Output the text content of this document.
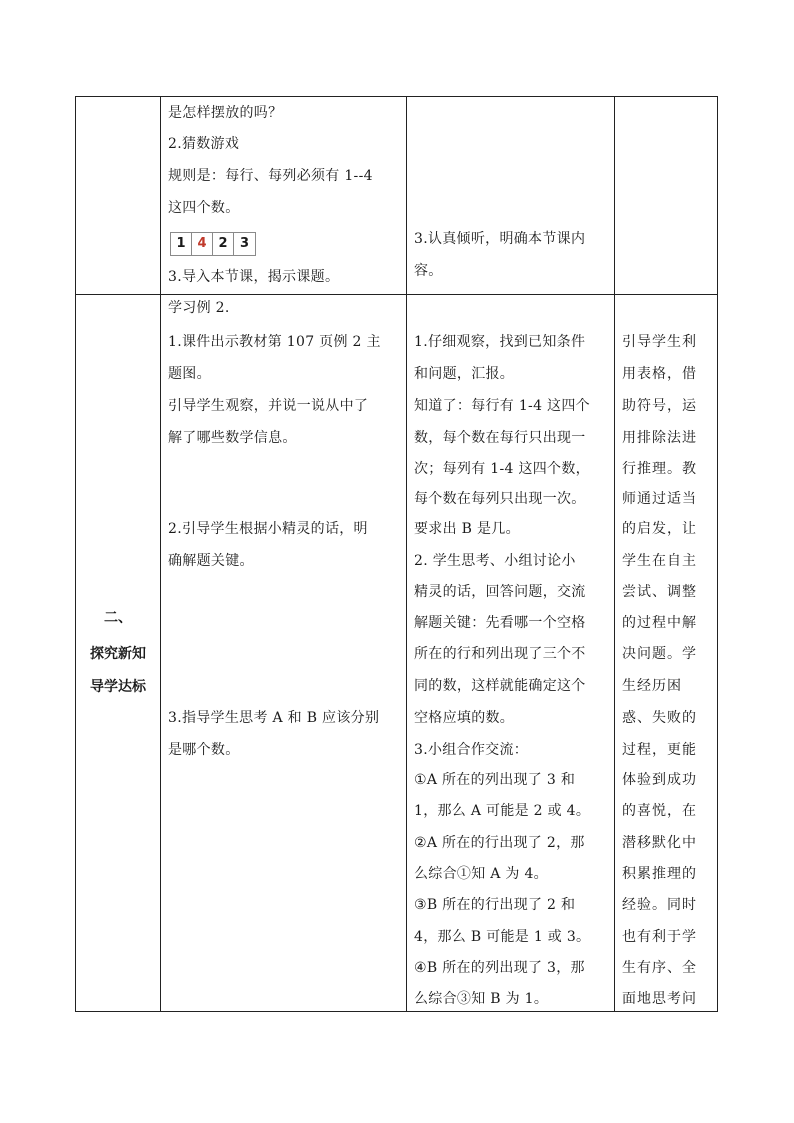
是怎样摆放的吗？
2.猜数游戏
规则是：每行、每列必须有 1--4
这四个数。
1 4 2 3
3.导入本节课，揭示课题。
3.认真倾听，明确本节课内
容。
二、
探究新知
导学达标
学习例 2.
1.课件出示教材第 107 页例 2 主
题图。
引导学生观察，并说一说从中了
解了哪些数学信息。
2.引导学生根据小精灵的话，明
确解题关键。
3.指导学生思考 A 和 B 应该分别
是哪个数。
1.仔细观察，找到已知条件
和问题，汇报。
知道了：每行有 1-4 这四个
数，每个数在每行只出现一
次；每列有 1-4 这四个数，
每个数在每列只出现一次。
要求出 B 是几。
2. 学生思考、小组讨论小
精灵的话，回答问题，交流
解题关键：先看哪一个空格
所在的行和列出现了三个不
同的数，这样就能确定这个
空格应填的数。
3.小组合作交流：
①A 所在的列出现了 3 和
1，那么 A 可能是 2 或 4。
②A 所在的行出现了 2，那
么综合①知 A 为 4。
③B 所在的行出现了 2 和
4，那么 B 可能是 1 或 3。
④B 所在的列出现了 3，那
么综合③知 B 为 1。
引导学生利
用表格，借
助符号，运
用排除法进
行推理。教
师通过适当
的启发，让
学生在自主
尝试、调整
的过程中解
决问题。学
生经历困
惑、失败的
过程，更能
体验到成功
的喜悦，在
潜移默化中
积累推理的
经验。同时
也有利于学
生有序、全
面地思考问
